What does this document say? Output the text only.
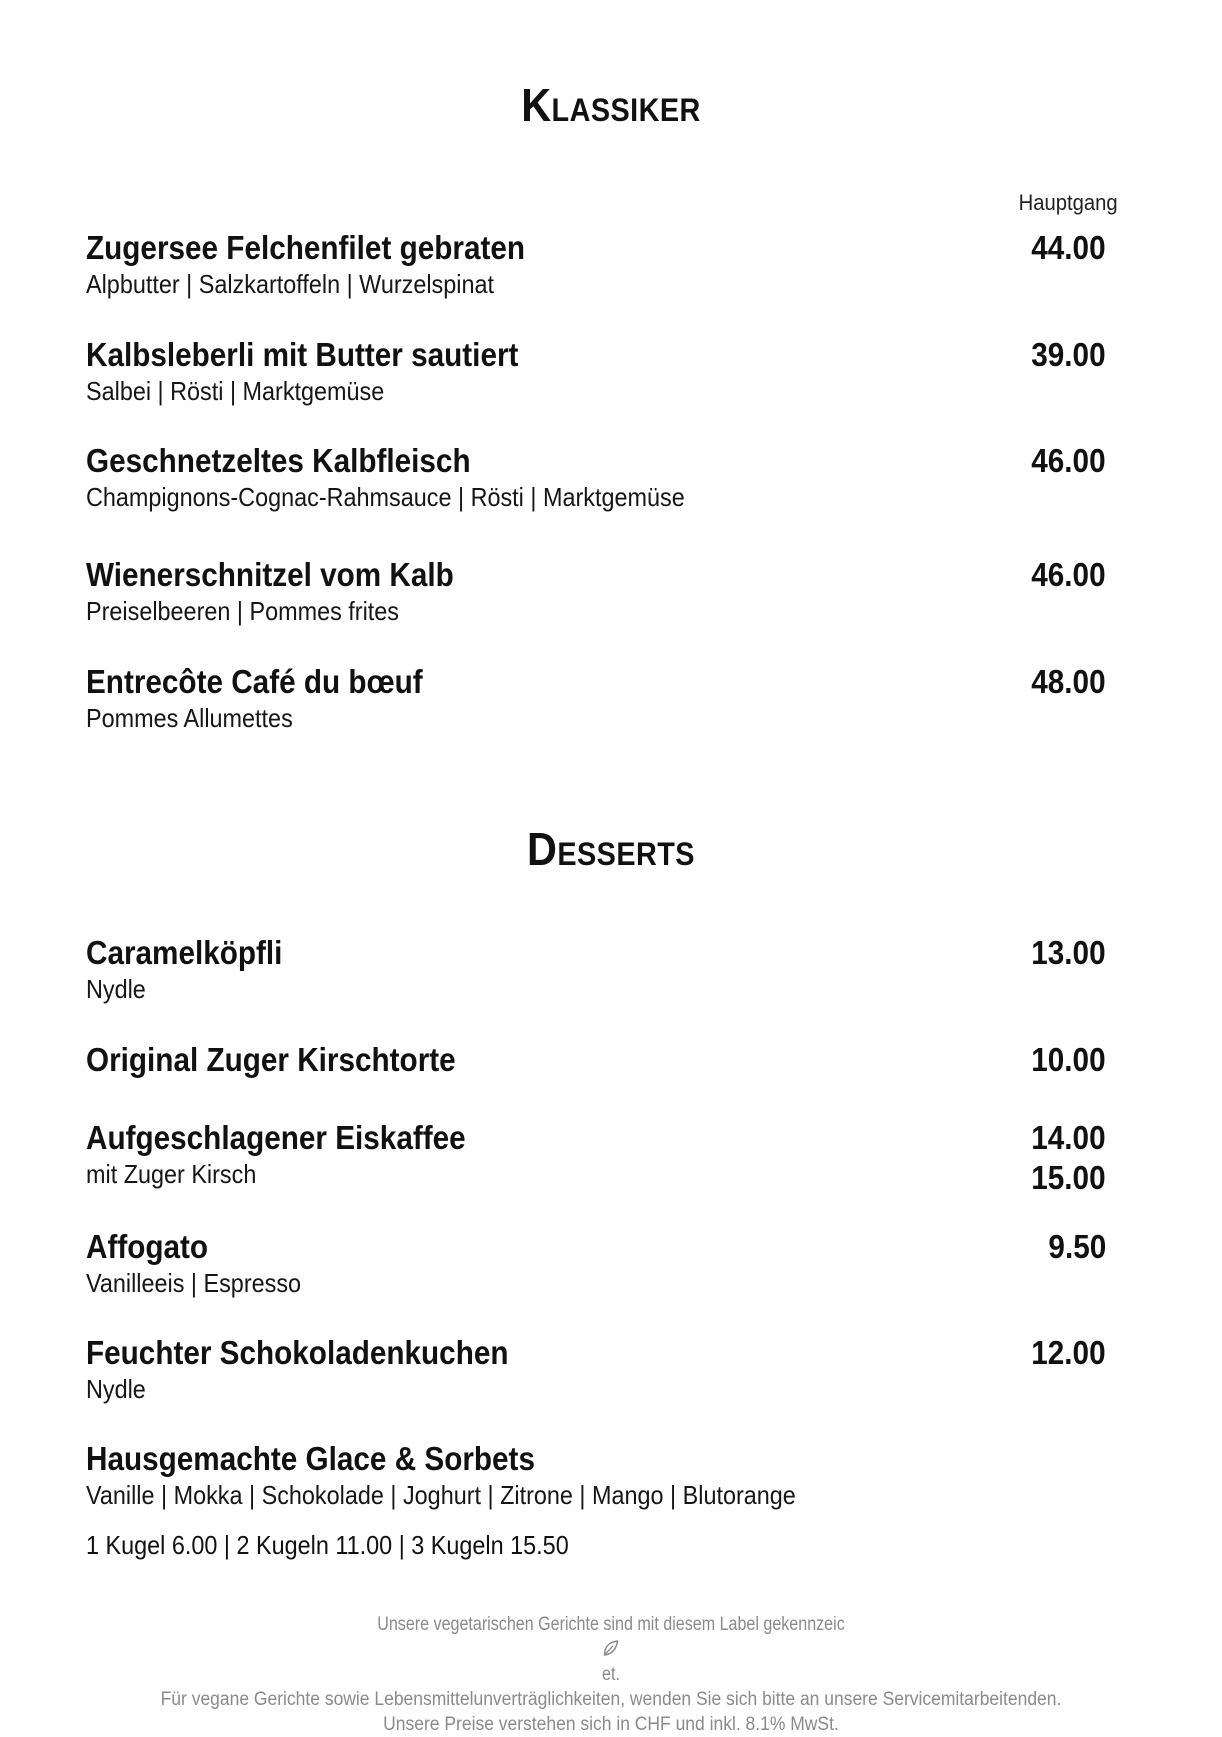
Klassiker
Hauptgang
Zugersee Felchenfilet gebraten
Alpbutter | Salzkartoffeln | Wurzelspinat
44.00
Kalbsleberli mit Butter sautiert
Salbei | Rösti | Marktgemüse
39.00
Geschnetzeltes Kalbfleisch
Champignons-Cognac-Rahmsauce | Rösti | Marktgemüse
46.00
Wienerschnitzel vom Kalb
Preiselbeeren | Pommes frites
46.00
Entrecôte Café du bœuf
Pommes Allumettes
48.00
Desserts
Caramelköpfli
Nydle
13.00
Original Zuger Kirschtorte	10.00
Aufgeschlagener Eiskaffee
mit Zuger Kirsch
14.00
15.00
Affogato
Vanilleeis | Espresso
9.50
Feuchter Schokoladenkuchen
Nydle
12.00
Hausgemachte Glace & Sorbets
Vanille | Mokka | Schokolade | Joghurt | Zitrone | Mango | Blutorange
1 Kugel 6.00 | 2 Kugeln 11.00 | 3 Kugeln 15.50
Unsere vegetarischen Gerichte sind mit diesem Label gekennzeic
et.
Für vegane Gerichte sowie Lebensmittelunverträglichkeiten, wenden Sie sich bitte an unsere Servicemitarbeitenden.
Unsere Preise verstehen sich in CHF und inkl. 8.1% MwSt.
